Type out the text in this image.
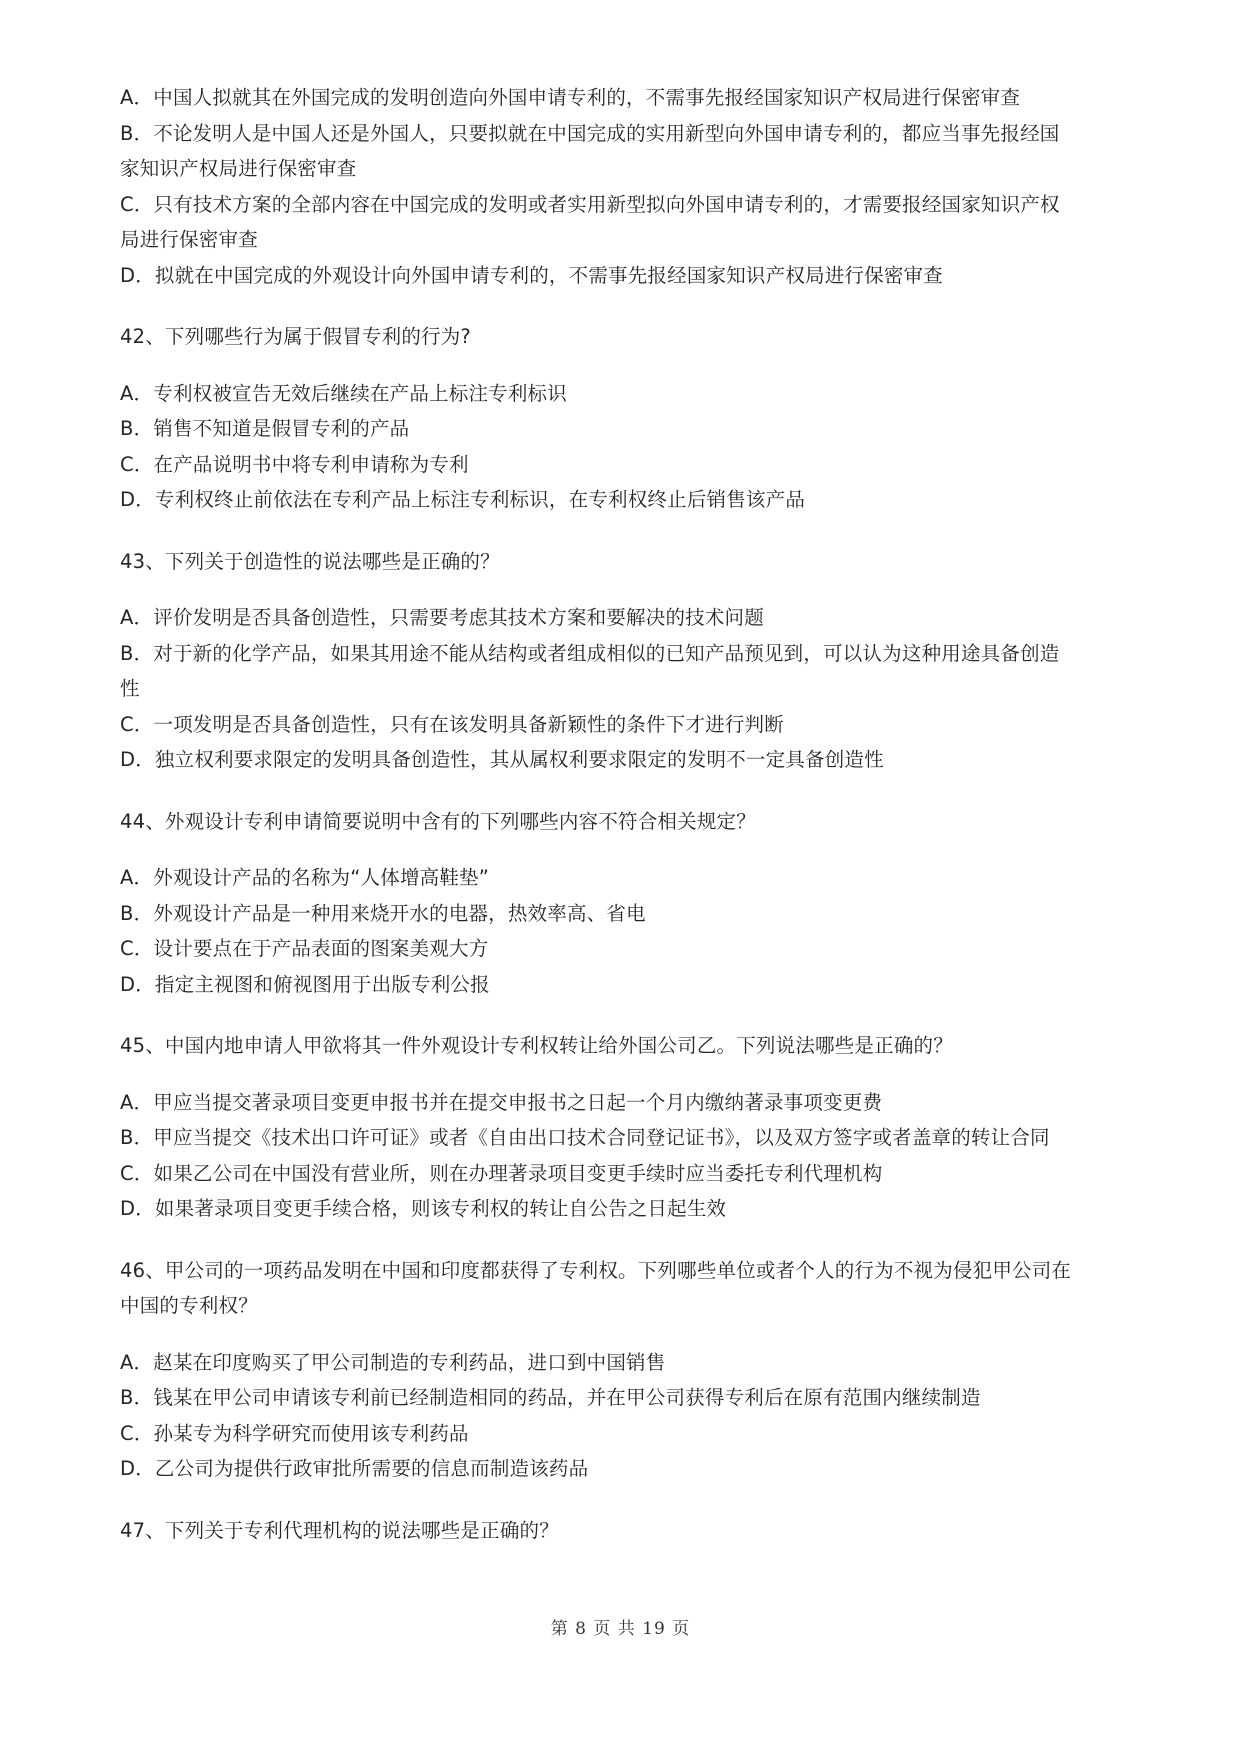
A．中国人拟就其在外国完成的发明创造向外国申请专利的，不需事先报经国家知识产权局进行保密审查
B．不论发明人是中国人还是外国人，只要拟就在中国完成的实用新型向外国申请专利的，都应当事先报经国
家知识产权局进行保密审查
C．只有技术方案的全部内容在中国完成的发明或者实用新型拟向外国申请专利的，才需要报经国家知识产权
局进行保密审查
D．拟就在中国完成的外观设计向外国申请专利的，不需事先报经国家知识产权局进行保密审查
42、下列哪些行为属于假冒专利的行为?
A．专利权被宣告无效后继续在产品上标注专利标识
B．销售不知道是假冒专利的产品
C．在产品说明书中将专利申请称为专利
D．专利权终止前依法在专利产品上标注专利标识，在专利权终止后销售该产品
43、下列关于创造性的说法哪些是正确的？
A．评价发明是否具备创造性，只需要考虑其技术方案和要解决的技术问题
B．对于新的化学产品，如果其用途不能从结构或者组成相似的已知产品预见到，可以认为这种用途具备创造
性
C．一项发明是否具备创造性，只有在该发明具备新颖性的条件下才进行判断
D．独立权利要求限定的发明具备创造性，其从属权利要求限定的发明不一定具备创造性
44、外观设计专利申请简要说明中含有的下列哪些内容不符合相关规定？
A．外观设计产品的名称为“人体增高鞋垫”
B．外观设计产品是一种用来烧开水的电器，热效率高、省电
C．设计要点在于产品表面的图案美观大方
D．指定主视图和俯视图用于出版专利公报
45、中国内地申请人甲欲将其一件外观设计专利权转让给外国公司乙。下列说法哪些是正确的？
A．甲应当提交著录项目变更申报书并在提交申报书之日起一个月内缴纳著录事项变更费
B．甲应当提交《技术出口许可证》或者《自由出口技术合同登记证书》，以及双方签字或者盖章的转让合同
C．如果乙公司在中国没有营业所，则在办理著录项目变更手续时应当委托专利代理机构
D．如果著录项目变更手续合格，则该专利权的转让自公告之日起生效
46、甲公司的一项药品发明在中国和印度都获得了专利权。下列哪些单位或者个人的行为不视为侵犯甲公司在
中国的专利权？
A．赵某在印度购买了甲公司制造的专利药品，进口到中国销售
B．钱某在甲公司申请该专利前已经制造相同的药品，并在甲公司获得专利后在原有范围内继续制造
C．孙某专为科学研究而使用该专利药品
D．乙公司为提供行政审批所需要的信息而制造该药品
47、下列关于专利代理机构的说法哪些是正确的？
第 8 页 共 19 页
